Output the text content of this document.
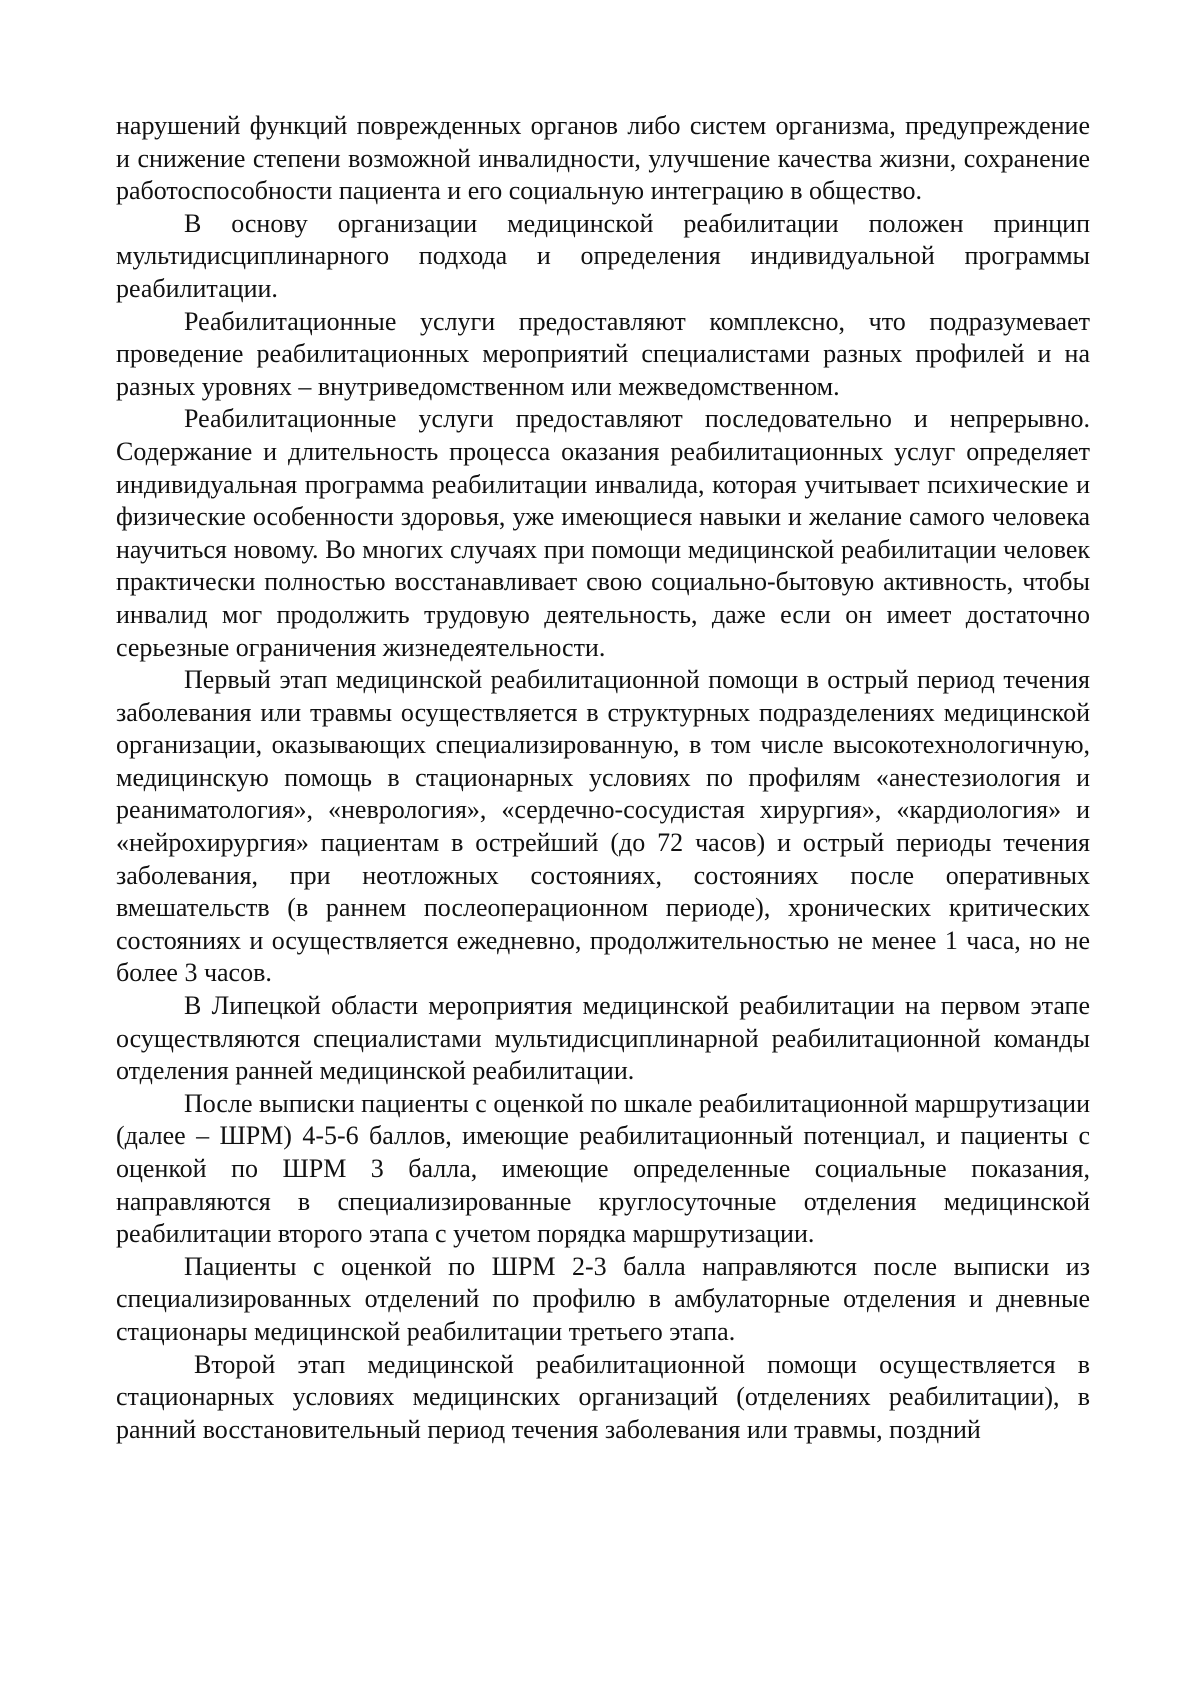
нарушений функций поврежденных органов либо систем организма, предупреждение и снижение степени возможной инвалидности, улучшение качества жизни, сохранение работоспособности пациента и его социальную интеграцию в общество.

В основу организации медицинской реабилитации положен принцип мультидисциплинарного подхода и определения индивидуальной программы реабилитации.

Реабилитационные услуги предоставляют комплексно, что подразумевает проведение реабилитационных мероприятий специалистами разных профилей и на разных уровнях – внутриведомственном или межведомственном.

Реабилитационные услуги предоставляют последовательно и непрерывно. Содержание и длительность процесса оказания реабилитационных услуг определяет индивидуальная программа реабилитации инвалида, которая учитывает психические и физические особенности здоровья, уже имеющиеся навыки и желание самого человека научиться новому. Во многих случаях при помощи медицинской реабилитации человек практически полностью восстанавливает свою социально-бытовую активность, чтобы инвалид мог продолжить трудовую деятельность, даже если он имеет достаточно серьезные ограничения жизнедеятельности.

Первый этап медицинской реабилитационной помощи в острый период течения заболевания или травмы осуществляется в структурных подразделениях медицинской организации, оказывающих специализированную, в том числе высокотехнологичную, медицинскую помощь в стационарных условиях по профилям «анестезиология и реаниматология», «неврология», «сердечно-сосудистая хирургия», «кардиология» и «нейрохирургия» пациентам в острейший (до 72 часов) и острый периоды течения заболевания, при неотложных состояниях, состояниях после оперативных вмешательств (в раннем послеоперационном периоде), хронических критических состояниях и осуществляется ежедневно, продолжительностью не менее 1 часа, но не более 3 часов.

В Липецкой области мероприятия медицинской реабилитации на первом этапе осуществляются специалистами мультидисциплинарной реабилитационной команды отделения ранней медицинской реабилитации.

После выписки пациенты с оценкой по шкале реабилитационной маршрутизации (далее – ШРМ) 4-5-6 баллов, имеющие реабилитационный потенциал, и пациенты с оценкой по ШРМ 3 балла, имеющие определенные социальные показания, направляются в специализированные круглосуточные отделения медицинской реабилитации второго этапа с учетом порядка маршрутизации.

Пациенты с оценкой по ШРМ 2-3 балла направляются после выписки из специализированных отделений по профилю в амбулаторные отделения и дневные стационары медицинской реабилитации третьего этапа.

Второй этап медицинской реабилитационной помощи осуществляется в стационарных условиях медицинских организаций (отделениях реабилитации), в ранний восстановительный период течения заболевания или травмы, поздний
